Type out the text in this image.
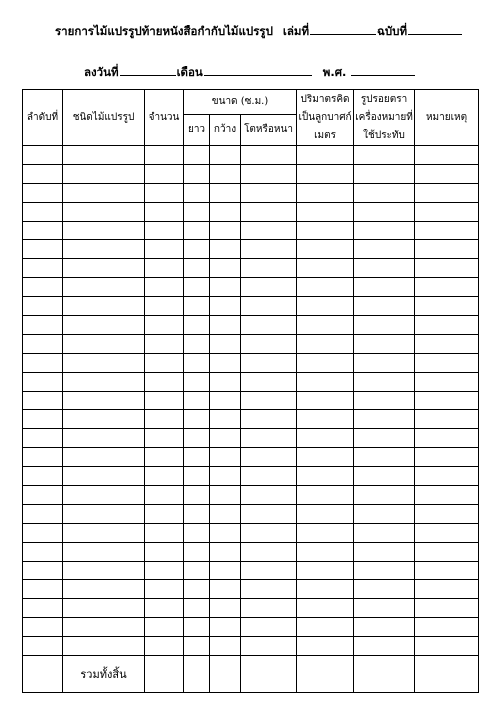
รายการไม้แปรรูปท้ายหนังสือกำกับไม้แปรรูป เล่มที่	ฉบับที่
ลงวันที่	เดือน	พ.ศ.
ลำดับที่	ชนิดไม้แปรรูป	จำนวน	ขนาด (ซ.ม.)			ปริมาตรคิดเป็นลูกบาศก์เมตร	รูปรอยตราเครื่องหมายที่ใช้ประทับ	หมายเหตุ
			ยาว	กว้าง	โตหรือหนา			

	รวมทั้งสิ้น							
